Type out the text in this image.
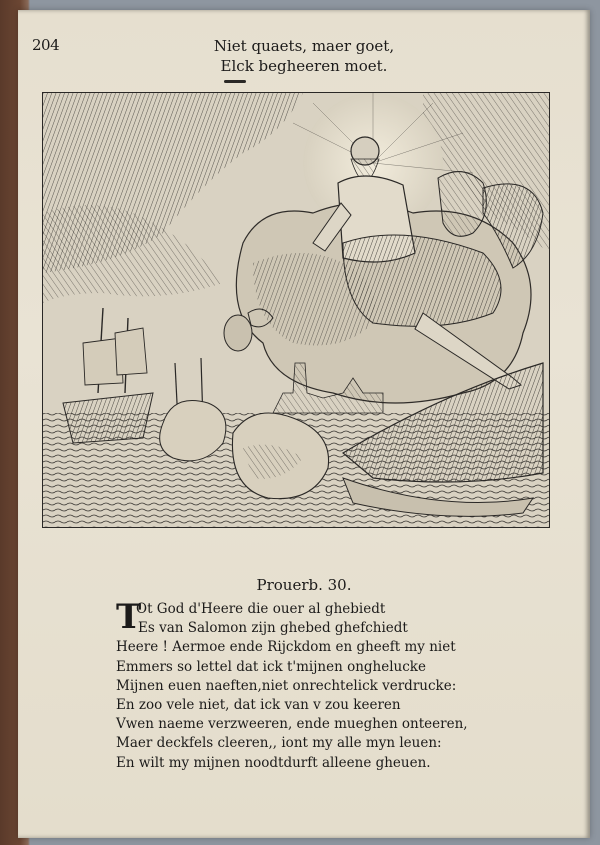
204	Niet quaets, maer goet,
Elck begheeren moet.
Prouerb. 30.
T
Ot God d'Heere die ouer al ghebiedt
Es van Salomon zijn ghebed ghefchiedt
Heere ! Aermoe ende Rijckdom en gheeft my niet
Emmers so lettel dat ick t'mijnen onghelucke
Mijnen euen naeften,niet onrechtelick verdrucke:
En zoo vele niet, dat ick van v zou keeren
Vwen naeme verzweeren, ende mueghen onteeren,
Maer deckfels cleeren,, iont my alle myn leuen:
En wilt my mijnen noodtdurft alleene gheuen.
